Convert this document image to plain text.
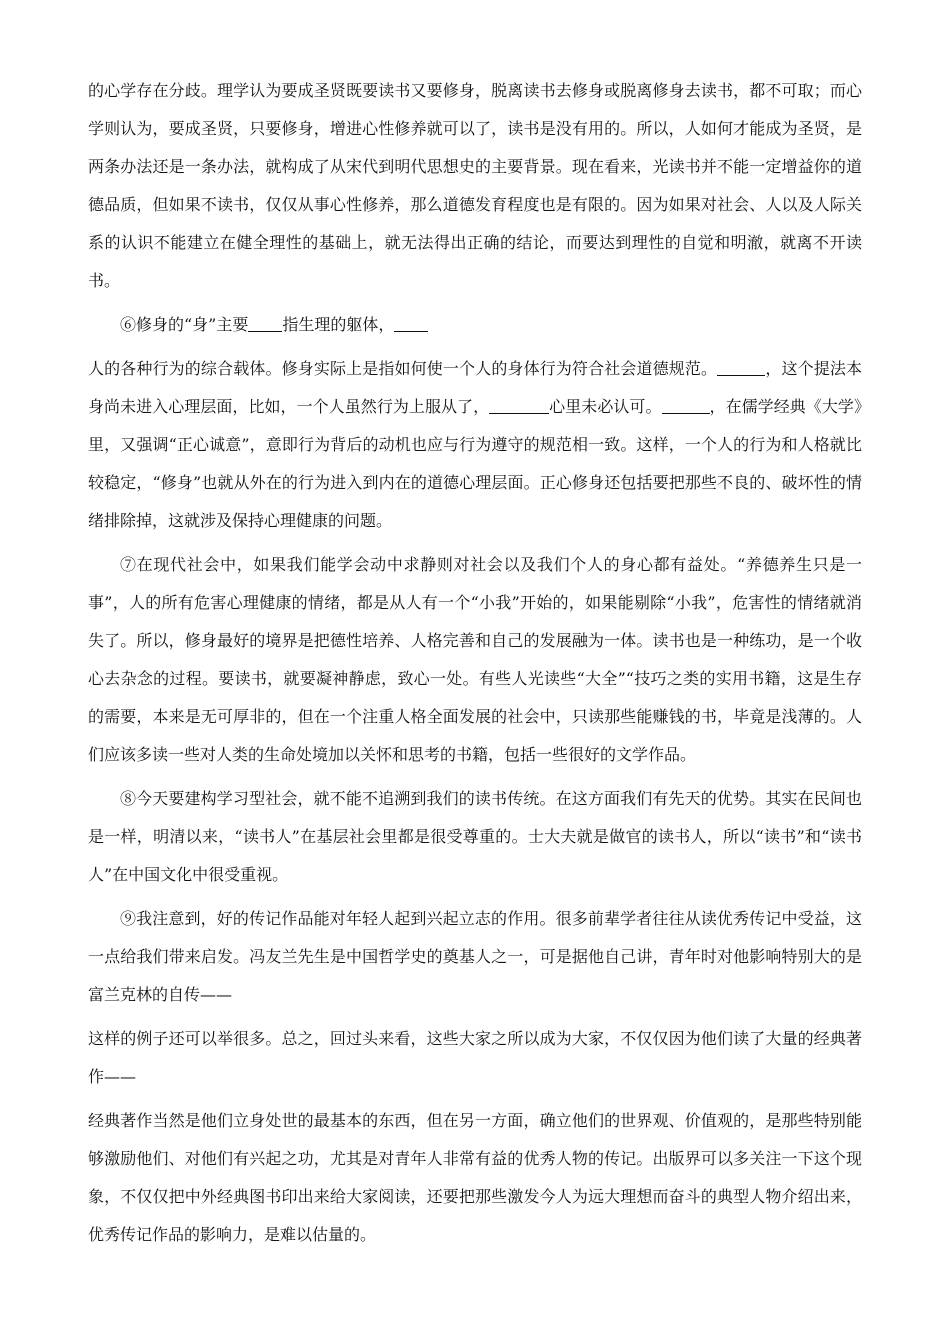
的心学存在分歧。理学认为要成圣贤既要读书又要修身，脱离读书去修身或脱离修身去读书，都不可取；而心学则认为，要成圣贤，只要修身，增进心性修养就可以了，读书是没有用的。所以，人如何才能成为圣贤，是两条办法还是一条办法，就构成了从宋代到明代思想史的主要背景。现在看来，光读书并不能一定增益你的道德品质，但如果不读书，仅仅从事心性修养，那么道德发育程度也是有限的。因为如果对社会、人以及人际关系的认识不能建立在健全理性的基础上，就无法得出正确的结论，而要达到理性的自觉和明澈，就离不开读书。

⑥修身的“身”主要 指生理的躯体，

人的各种行为的综合载体。修身实际上是指如何使一个人的身体行为符合社会道德规范。	，这个提法本身尚未进入心理层面，比如，一个人虽然行为上服从了，	心里未必认可。	，在儒学经典《大学》里，又强调“正心诚意”，意即行为背后的动机也应与行为遵守的规范相一致。这样，一个人的行为和人格就比较稳定，“修身”也就从外在的行为进入到内在的道德心理层面。正心修身还包括要把那些不良的、破坏性的情绪排除掉，这就涉及保持心理健康的问题。

⑦在现代社会中，如果我们能学会动中求静则对社会以及我们个人的身心都有益处。“养德养生只是一事”，人的所有危害心理健康的情绪，都是从人有一个“小我”开始的，如果能剔除“小我”，危害性的情绪就消失了。所以，修身最好的境界是把德性培养、人格完善和自己的发展融为一体。读书也是一种练功，是一个收心去杂念的过程。要读书，就要凝神静虑，致心一处。有些人光读些“大全”“技巧之类的实用书籍，这是生存的需要，本来是无可厚非的，但在一个注重人格全面发展的社会中，只读那些能赚钱的书，毕竟是浅薄的。人们应该多读一些对人类的生命处境加以关怀和思考的书籍，包括一些很好的文学作品。

⑧今天要建构学习型社会，就不能不追溯到我们的读书传统。在这方面我们有先天的优势。其实在民间也是一样，明清以来，“读书人”在基层社会里都是很受尊重的。士大夫就是做官的读书人，所以“读书”和“读书人”在中国文化中很受重视。

⑨我注意到，好的传记作品能对年轻人起到兴起立志的作用。很多前辈学者往往从读优秀传记中受益，这一点给我们带来启发。冯友兰先生是中国哲学史的奠基人之一，可是据他自己讲，青年时对他影响特别大的是富兰克林的自传——

这样的例子还可以举很多。总之，回过头来看，这些大家之所以成为大家，不仅仅因为他们读了大量的经典著作——

经典著作当然是他们立身处世的最基本的东西，但在另一方面，确立他们的世界观、价值观的，是那些特别能够激励他们、对他们有兴起之功，尤其是对青年人非常有益的优秀人物的传记。出版界可以多关注一下这个现象，不仅仅把中外经典图书印出来给大家阅读，还要把那些激发今人为远大理想而奋斗的典型人物介绍出来，优秀传记作品的影响力，是难以估量的。
